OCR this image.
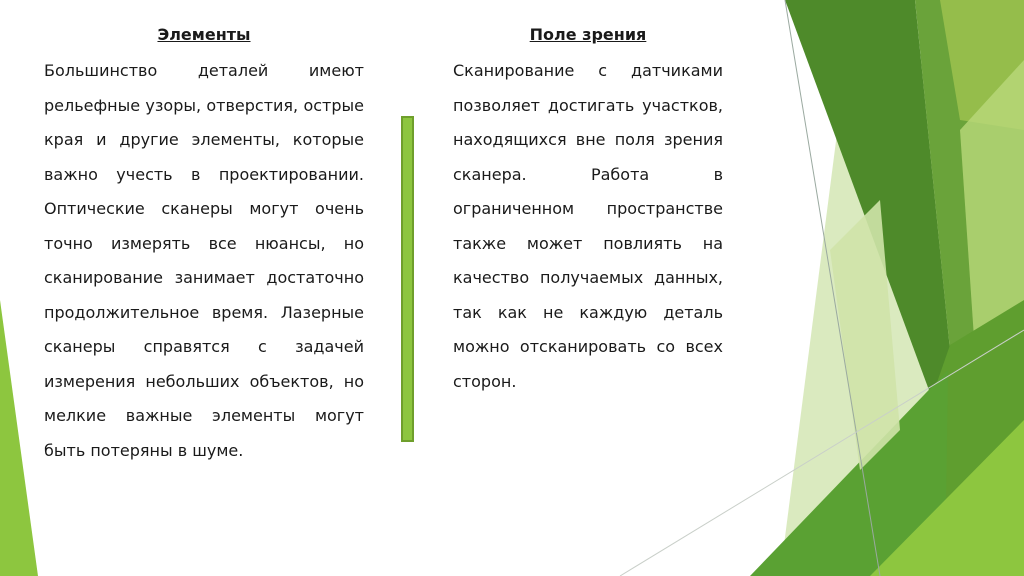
Элементы

Большинство деталей имеют рельефные узоры, отверстия, острые края и другие элементы, которые важно учесть в проектировании. Оптические сканеры могут очень точно измерять все нюансы, но сканирование занимает достаточно продолжительное время. Лазерные сканеры справятся с задачей измерения небольших объектов, но мелкие важные элементы могут быть потеряны в шуме.

Поле зрения

Сканирование с датчиками позволяет достигать участков, находящихся вне поля зрения сканера. Работа в ограниченном пространстве также может повлиять на качество получаемых данных, так как не каждую деталь можно отсканировать со всех сторон.
